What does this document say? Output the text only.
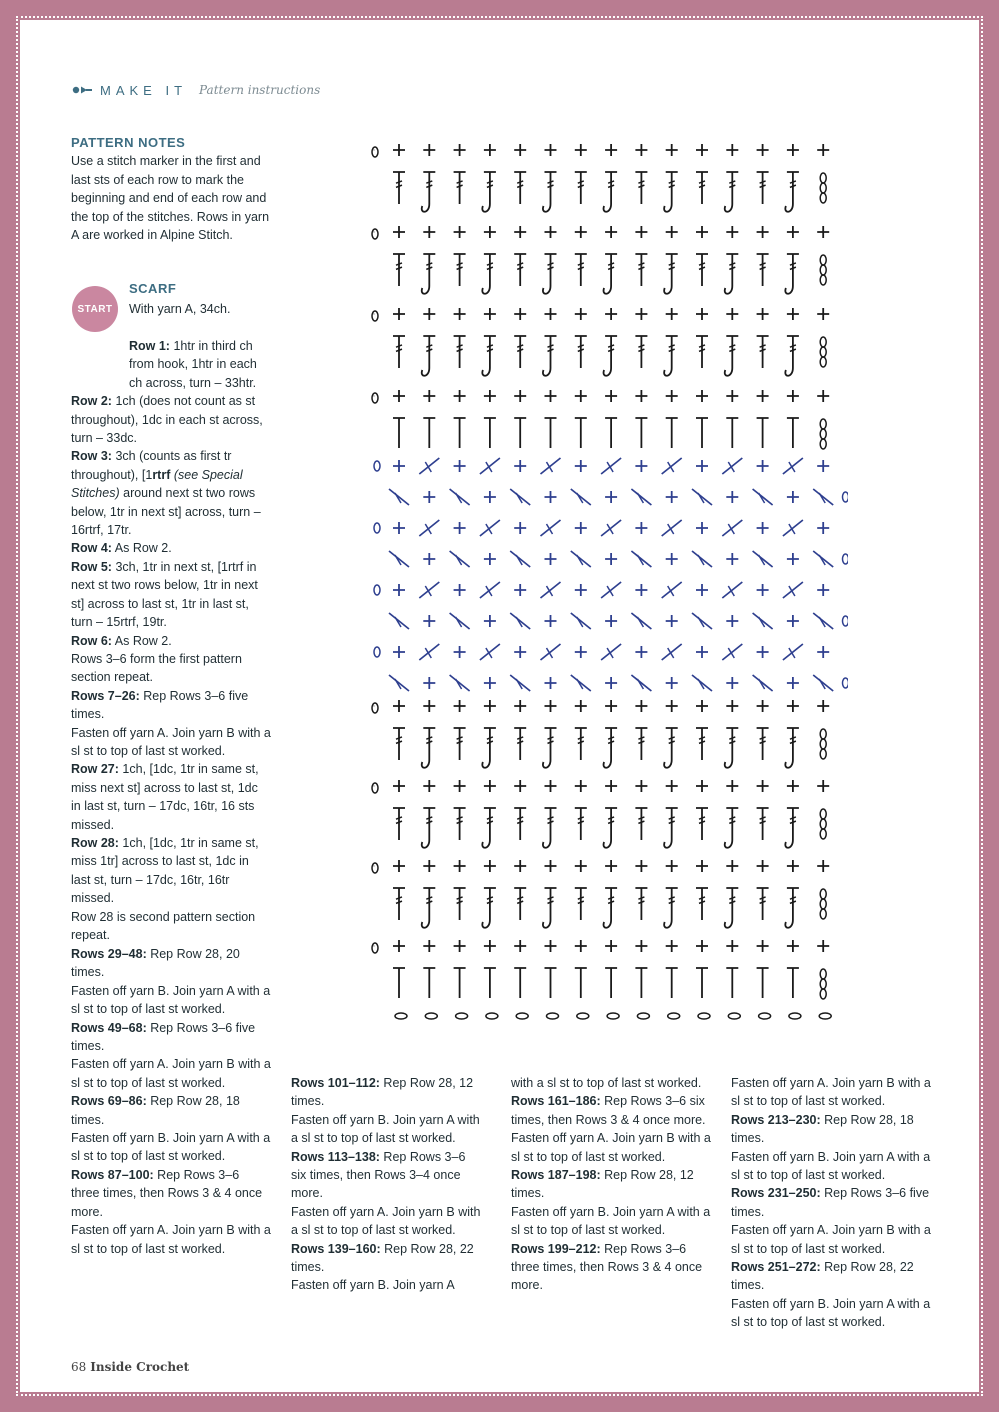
MAKE IT Pattern instructions

PATTERN NOTES

Use a stitch marker in the first and last sts of each row to mark the beginning and end of each row and the top of the stitches. Rows in yarn A are worked in Alpine Stitch.

START

SCARF

With yarn A, 34ch.

Row 1: 1htr in third ch from hook, 1htr in each ch across, turn – 33htr.

Row 2: 1ch (does not count as st throughout), 1dc in each st across, turn – 33dc.

Row 3: 3ch (counts as first tr throughout), [1rtrf (see Special Stitches) around next st two rows below, 1tr in next st] across, turn – 16rtrf, 17tr.

Row 4: As Row 2.

Row 5: 3ch, 1tr in next st, [1rtrf in next st two rows below, 1tr in next st] across to last st, 1tr in last st, turn – 15rtrf, 19tr.

Row 6: As Row 2.

Rows 3–6 form the first pattern section repeat.

Rows 7–26: Rep Rows 3–6 five times.

Fasten off yarn A. Join yarn B with a sl st to top of last st worked.

Row 27: 1ch, [1dc, 1tr in same st, miss next st] across to last st, 1dc in last st, turn – 17dc, 16tr, 16 sts missed.

Row 28: 1ch, [1dc, 1tr in same st, miss 1tr] across to last st, 1dc in last st, turn – 17dc, 16tr, 16tr missed.

Row 28 is second pattern section repeat.

Rows 29–48: Rep Row 28, 20 times.

Fasten off yarn B. Join yarn A with a sl st to top of last st worked.

Rows 49–68: Rep Rows 3–6 five times.

Fasten off yarn A. Join yarn B with a sl st to top of last st worked.

Rows 69–86: Rep Row 28, 18 times.

Fasten off yarn B. Join yarn A with a sl st to top of last st worked.

Rows 87–100: Rep Rows 3–6 three times, then Rows 3 & 4 once more.

Fasten off yarn A. Join yarn B with a sl st to top of last st worked.

Rows 101–112: Rep Row 28, 12 times.

Fasten off yarn B. Join yarn A with a sl st to top of last st worked.

Rows 113–138: Rep Rows 3–6 six times, then Rows 3–4 once more.

Fasten off yarn A. Join yarn B with a sl st to top of last st worked.

Rows 139–160: Rep Row 28, 22 times.

Fasten off yarn B. Join yarn A

with a sl st to top of last st worked.

Rows 161–186: Rep Rows 3–6 six times, then Rows 3 & 4 once more.

Fasten off yarn A. Join yarn B with a sl st to top of last st worked.

Rows 187–198: Rep Row 28, 12 times.

Fasten off yarn B. Join yarn A with a sl st to top of last st worked.

Rows 199–212: Rep Rows 3–6 three times, then Rows 3 & 4 once more.

Fasten off yarn A. Join yarn B with a sl st to top of last st worked.

Rows 213–230: Rep Row 28, 18 times.

Fasten off yarn B. Join yarn A with a sl st to top of last st worked.

Rows 231–250: Rep Rows 3–6 five times.

Fasten off yarn A. Join yarn B with a sl st to top of last st worked.

Rows 251–272: Rep Row 28, 22 times.

Fasten off yarn B. Join yarn A with a sl st to top of last st worked.

68 Inside Crochet
